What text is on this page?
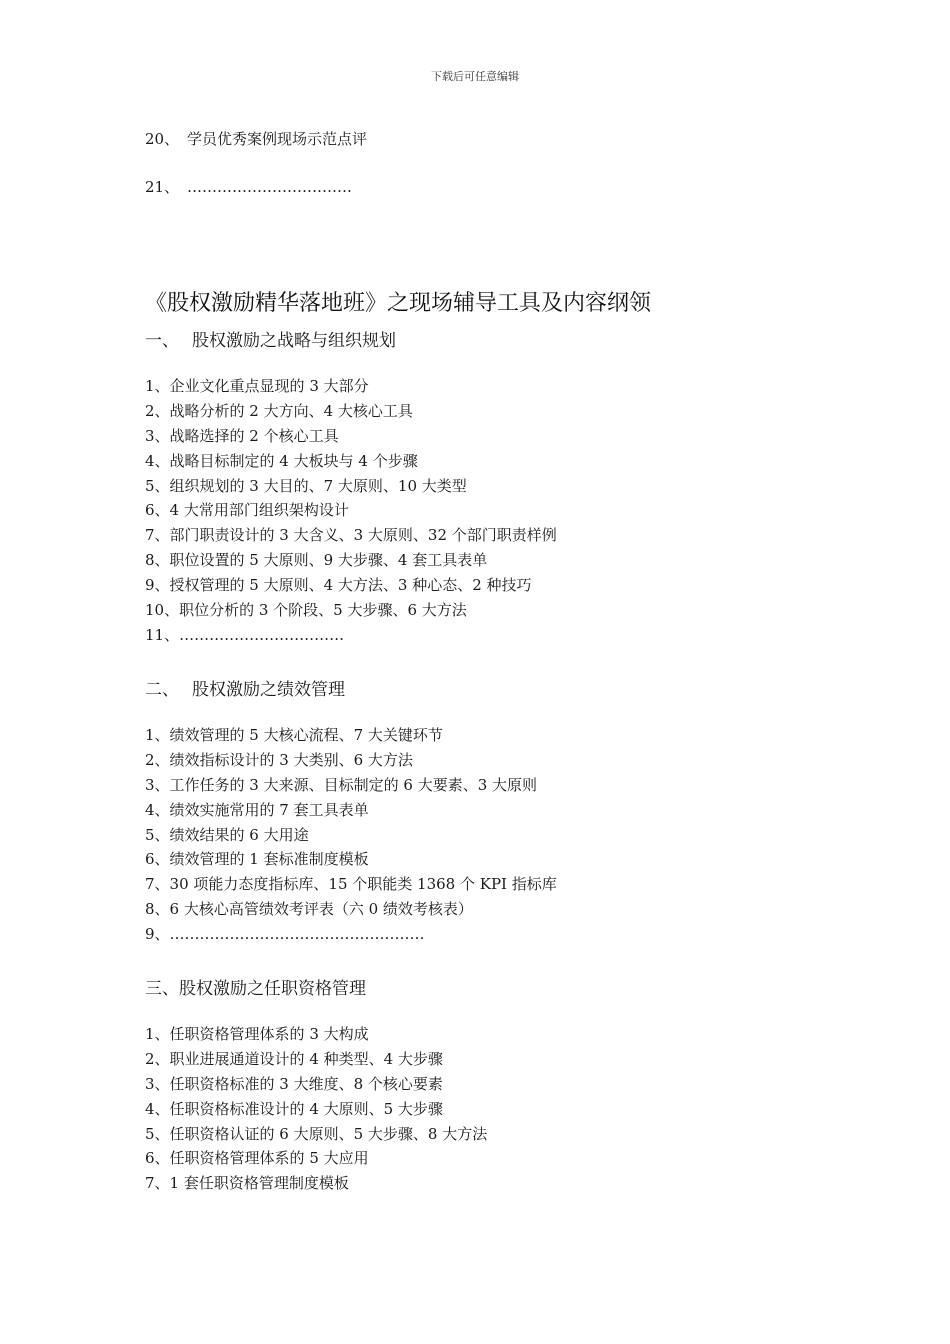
下载后可任意编辑
20、 学员优秀案例现场示范点评
21、 ……………………………
《股权激励精华落地班》之现场辅导工具及内容纲领
一、 股权激励之战略与组织规划
1、企业文化重点显现的 3 大部分
2、战略分析的 2 大方向、4 大核心工具
3、战略选择的 2 个核心工具
4、战略目标制定的 4 大板块与 4 个步骤
5、组织规划的 3 大目的、7 大原则、10 大类型
6、4 大常用部门组织架构设计
7、部门职责设计的 3 大含义、3 大原则、32 个部门职责样例
8、职位设置的 5 大原则、9 大步骤、4 套工具表单
9、授权管理的 5 大原则、4 大方法、3 种心态、2 种技巧
10、职位分析的 3 个阶段、5 大步骤、6 大方法
11、……………………………
二、 股权激励之绩效管理
1、绩效管理的 5 大核心流程、7 大关键环节
2、绩效指标设计的 3 大类别、6 大方法
3、工作任务的 3 大来源、目标制定的 6 大要素、3 大原则
4、绩效实施常用的 7 套工具表单
5、绩效结果的 6 大用途
6、绩效管理的 1 套标准制度模板
7、30 项能力态度指标库、15 个职能类 1368 个 KPI 指标库
8、6 大核心高管绩效考评表（六 0 绩效考核表）
9、……………………………………………
三、股权激励之任职资格管理
1、任职资格管理体系的 3 大构成
2、职业进展通道设计的 4 种类型、4 大步骤
3、任职资格标准的 3 大维度、8 个核心要素
4、任职资格标准设计的 4 大原则、5 大步骤
5、任职资格认证的 6 大原则、5 大步骤、8 大方法
6、任职资格管理体系的 5 大应用
7、1 套任职资格管理制度模板
